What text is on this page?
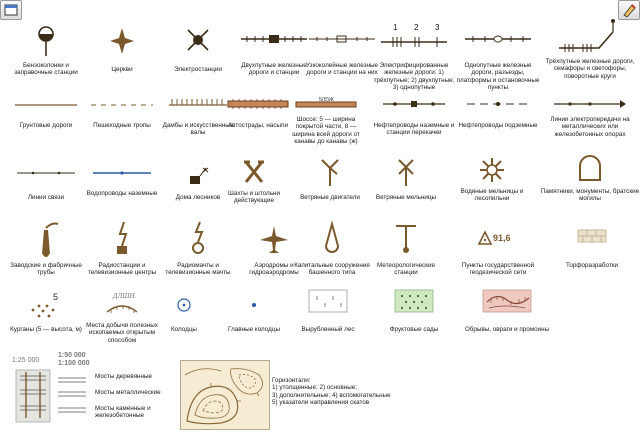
Бензоколонки и заправочные станции	Церкви	Электростанции
Двухпутные железные дороги и станции
Узкоколейные железные дороги и станции на них
1 2 3
Электрифицированные железные дороги: 1) трёхпутные; 2) двухпутные; 3) однопутные
Однопутные железные дороги, разъезды, платформы и остановочные пункты
Трёхпутные железные дороги, семафоры и светофоры, поворотные круги
Грунтовые дороги	Пешеходные тропы	Дамбы и искусственные валы
Автострады, насыпи
5(8)Ж
Шоссе: 5 — ширина покрытой части, 8 — ширина всей дороги от канавы до канавы (ж)
Нефтепроводы наземные и станции перекачки
Нефтепроводы подземные
Линии электропередачи на металлических или железобетонных опорах
Линии связи
Водопроводы наземные
Дома лесников
Шахты и штольни действующие	Ветряные двигатели	Ветряные мельницы
Водяные мельницы и лесопильни
Памятники, монументы, братские могилы
Заводские и фабричные трубы
Радиостанции и телевизионные центры
Радиомачты и телевизионные мачты
Аэродромы и гидроаэродромы
Капитальные сооружения башенного типа
Метеорологические станции
91,6
Пункты государственной геодезической сети
Торфоразработки
5
Курганы (5 — высота, м)
ДЛШН.
Места добычи полезных ископаемых открытым способом
Колодцы	Главные колодцы	Вырубленный лес	Фруктовые сады	Обрывы, овраги и промоины
1:25 000
1:50 000
1:100 000
Мосты деревянные
Мосты металлические
Мосты каменные и железобетонные
Горизонтали:
1) утолщенные; 2) основные;
3) дополнительные; 4) вспомогательные
5) указатели направления скатов
